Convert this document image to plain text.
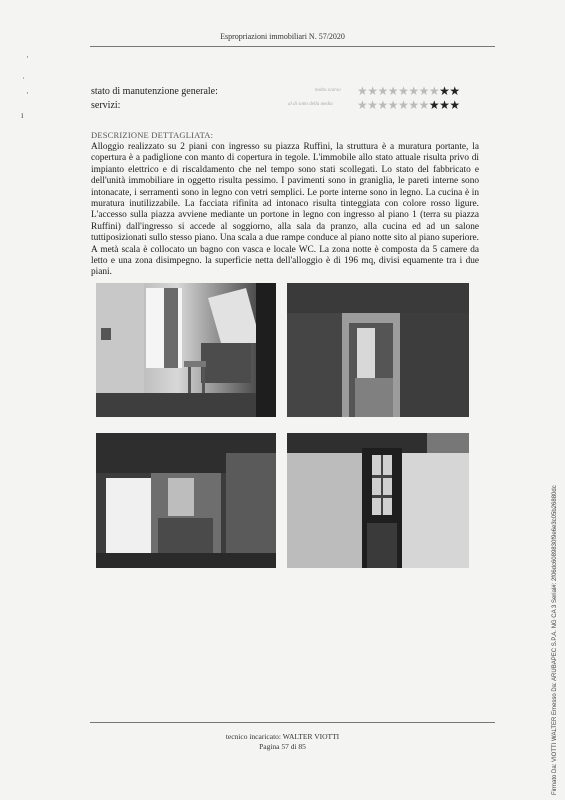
Espropriazioni immobiliari N. 57/2020
·
˙
·
ɪ
stato di manutenzione generale:	molto scarso ★★★★★★★★★★
servizi:	al di sotto della media ★★★★★★★★★★
DESCRIZIONE DETTAGLIATA:
Alloggio realizzato su 2 piani con ingresso su piazza Ruffini, la struttura è a muratura portante, la copertura è a padiglione con manto di copertura in tegole. L'immobile allo stato attuale risulta privo di impianto elettrico e di riscaldamento che nel tempo sono stati scollegati. Lo stato del fabbricato e dell'unità immobiliare in oggetto risulta pessimo. I pavimenti sono in graniglia, le pareti interne sono intonacate, i serramenti sono in legno con vetri semplici. Le porte interne sono in legno. La cucina è in muratura inutilizzabile. La facciata rifinita ad intonaco risulta tinteggiata con colore rosso ligure. L'accesso sulla piazza avviene mediante un portone in legno con ingresso al piano 1 (terra su piazza Ruffini) dall'ingresso si accede al soggiorno, alla sala da pranzo, alla cucina ed ad un salone tuttiposizionati sullo stesso piano. Una scala a due rampe conduce al piano notte sito al piano superiore. A metà scala è collocato un bagno con vasca e locale WC. La zona notte è composta da 5 camere da letto e una zona disimpegno. la superficie netta dell'alloggio è di 196 mq, divisi equamente tra i due piani.
tecnico incaricato: WALTER VIOTTI
Pagina 57 di 85	Firmato Da: VIOTTI WALTER Emesso Da: ARUBAPEC S.P.A. NG CA 3 Serial#: 2f06dc6089830f9e6e3c05b26880dc
